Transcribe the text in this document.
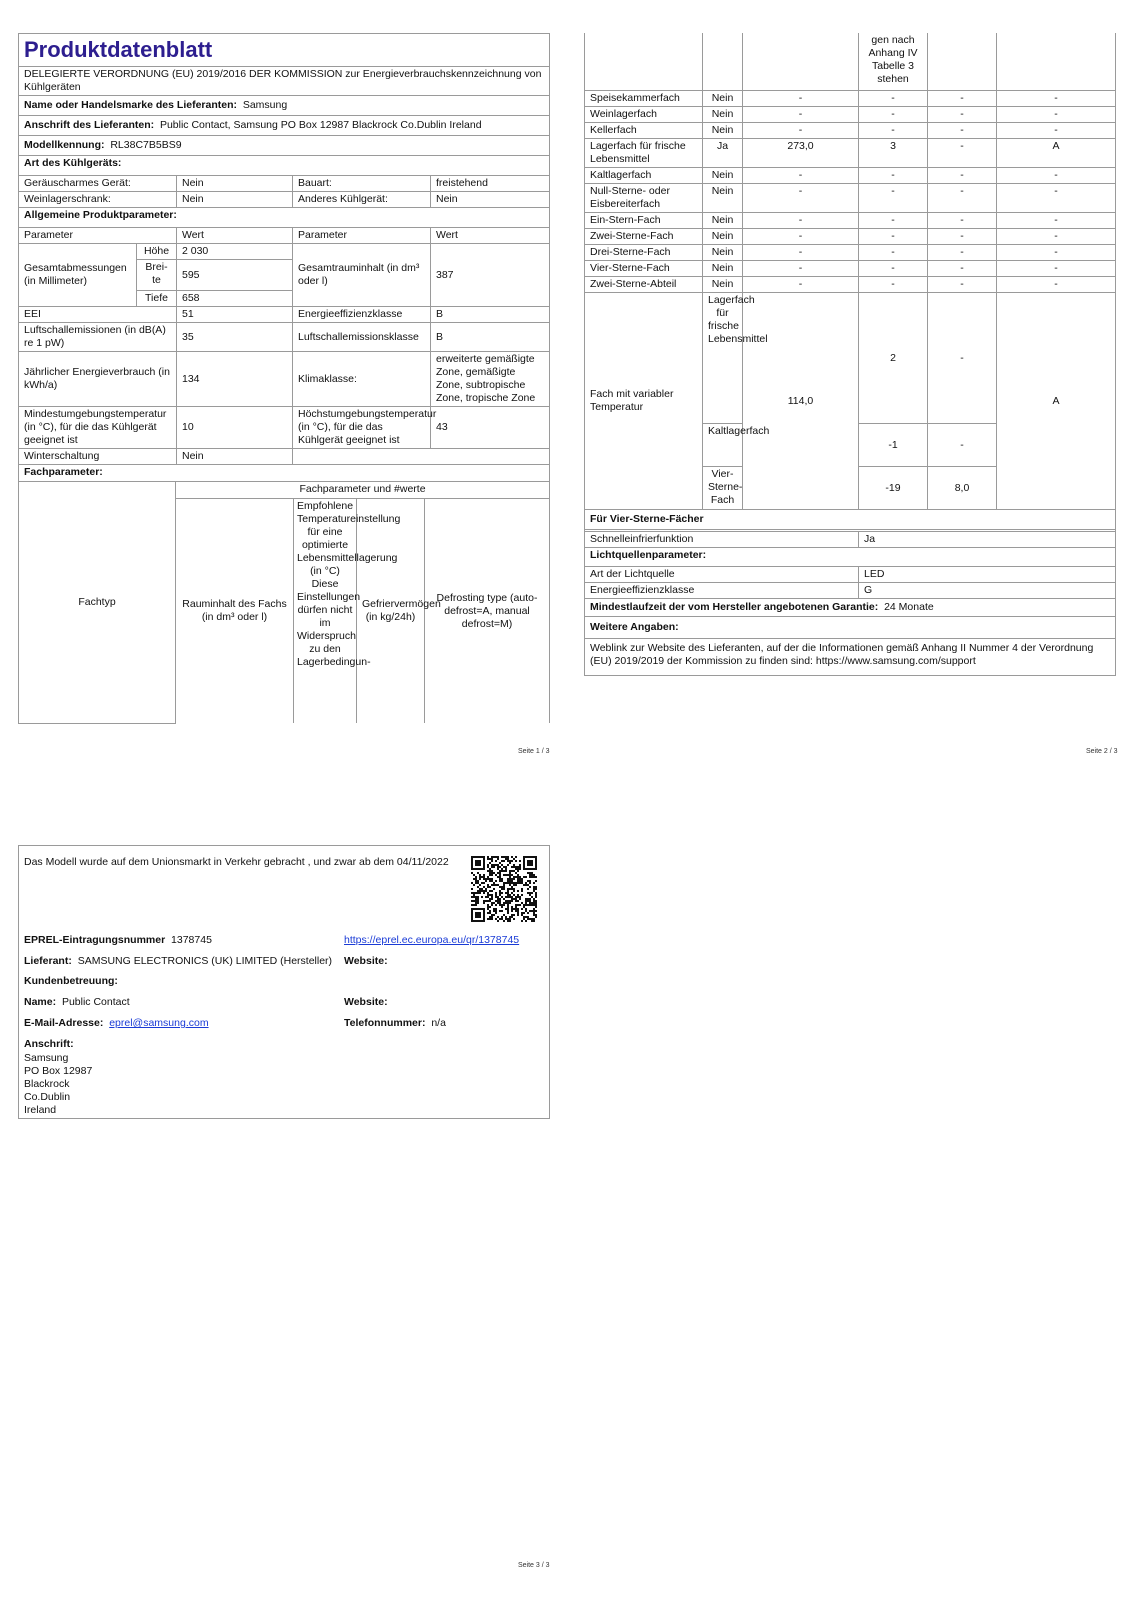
Produktdatenblatt				
DELEGIERTE VERORDNUNG (EU) 2019/2016 DER KOMMISSION zur Energieverbrauchskennzeichnung von Kühlgeräten				
Name oder Handelsmarke des Lieferanten: Samsung				
Anschrift des Lieferanten: Public Contact, Samsung PO Box 12987 Blackrock Co.Dublin Ireland				
Modellkennung: RL38C7B5BS9				
Art des Kühlgeräts:				
Geräuscharmes Gerät:		Nein	Bauart:	freistehend
Weinlagerschrank:		Nein	Anderes Kühlgerät:	Nein
Allgemeine Produktparameter:				
Parameter		Wert	Parameter	Wert
Gesamtabmessungen (in Millimeter)	Höhe	2 030	Gesamtrauminhalt (in dm³ oder l)	387
	Brei-te	595		
	Tiefe	658		
EEI		51	Energieeffizienzklasse	B
Luftschallemissionen (in dB(A) re 1 pW)		35	Luftschallemissionsklasse	B
Jährlicher Energieverbrauch (in kWh/a)		134	Klimaklasse:	erweiterte gemäßigte Zone, gemäßigte Zone, subtropische Zone, tropische Zone
Mindestumgebungstemperatur (in °C), für die das Kühlgerät geeignet ist		10	Höchstumgebungstemperatur (in °C), für die das Kühlgerät geeignet ist	43
Winterschaltung		Nein		
Fachparameter:				
Fachtyp	Fachparameter und #werte			
	Rauminhalt des Fachs (in dm³ oder l)	Empfohlene Temperatureinstellung für eine optimierte Lebensmittellagerung (in °C) Diese Einstellungen dürfen nicht im Widerspruch zu den Lagerbedingun-	Gefriervermögen (in kg/24h)	Defrosting type (auto-defrost=A, manual defrost=M)
Seite 1 / 3
			gen nach Anhang IV Tabelle 3 stehen		
Speisekammerfach	Nein	-	-	-	-
Weinlagerfach	Nein	-	-	-	-
Kellerfach	Nein	-	-	-	-
Lagerfach für frische Lebensmittel	Ja	273,0	3	-	A
Kaltlagerfach	Nein	-	-	-	-
Null-Sterne- oder Eisbereiterfach	Nein	-	-	-	-
Ein-Stern-Fach	Nein	-	-	-	-
Zwei-Sterne-Fach	Nein	-	-	-	-
Drei-Sterne-Fach	Nein	-	-	-	-
Vier-Sterne-Fach	Nein	-	-	-	-
Zwei-Sterne-Abteil	Nein	-	-	-	-
Fach mit variabler Temperatur	Lagerfach für frische Lebensmittel	114,0	2	-	A
	Kaltlagerfach		-1	-	
	Vier-Sterne-Fach		-19	8,0	
Für Vier-Sterne-Fächer					

Schnelleinfrierfunktion			Ja		
Lichtquellenparameter:					
Art der Lichtquelle			LED		
Energieeffizienzklasse			G		
Mindestlaufzeit der vom Hersteller angebotenen Garantie: 24 Monate					
Weitere Angaben:					
Weblink zur Website des Lieferanten, auf der die Informationen gemäß Anhang II Nummer 4 der Verordnung (EU) 2019/2019 der Kommission zu finden sind: https://www.samsung.com/support					
Seite 2 / 3
Das Modell wurde auf dem Unionsmarkt in Verkehr gebracht , und zwar ab dem 04/11/2022
EPREL-Eintragungsnummer 1378745	https://eprel.ec.europa.eu/qr/1378745
Lieferant: SAMSUNG ELECTRONICS (UK) LIMITED (Hersteller) Website:
Kundenbetreuung:
Name: Public Contact	Website:
E-Mail-Adresse: eprel@samsung.com	Telefonnummer: n/a
Anschrift:
Samsung
PO Box 12987
Blackrock
Co.Dublin
Ireland
Seite 3 / 3
